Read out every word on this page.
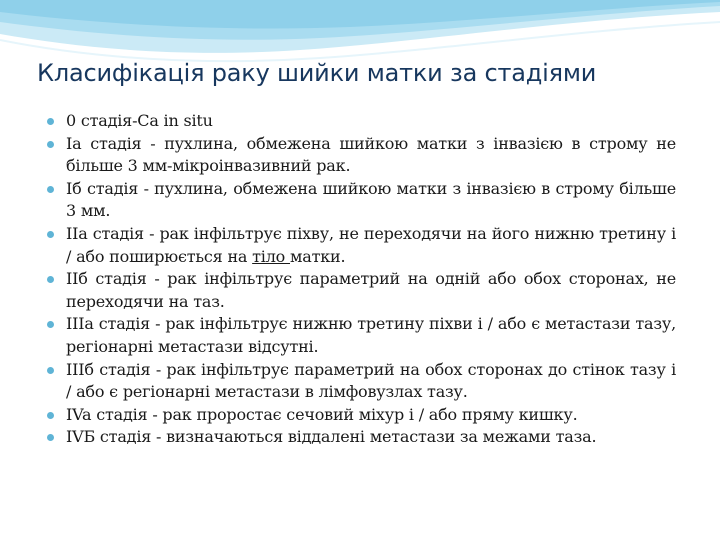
Класифікація раку шийки матки за стадіями
0 стадія-Ca in situ
Іа стадія - пухлина, обмежена шийкою матки з інвазією в строму не більше 3 мм-мікроінвазивний рак.
Іб стадія - пухлина, обмежена шийкою матки з інвазією в строму більше 3 мм.
ІІа стадія - рак інфільтрує піхву, не переходячи на його нижню третину і / або поширюється на тіло матки.
ІІб стадія - рак інфільтрує параметрий на одній або обох сторонах, не переходячи на таз.
ІІІа стадія - рак інфільтрує нижню третину піхви і / або є метастази тазу, регіонарні метастази відсутні.
ІІІб стадія - рак інфільтрує параметрий на обох сторонах до стінок тазу і / або є регіонарні метастази в лімфовузлах тазу.
IVa стадія - рак проростає сечовий міхур і / або пряму кишку.
IVБ стадія - визначаються віддалені метастази за межами таза.
